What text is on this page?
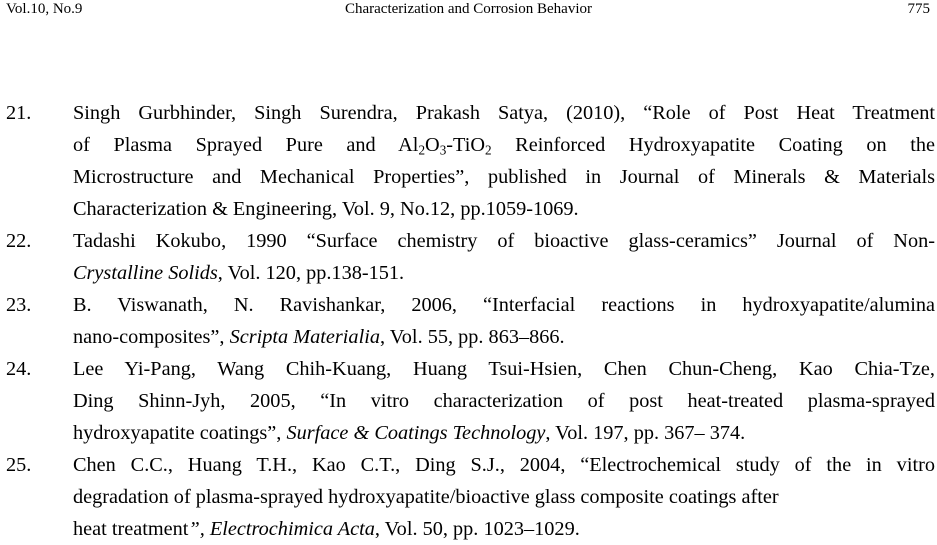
Vol.10, No.9	Characterization and Corrosion Behavior	775
21. Singh Gurbhinder, Singh Surendra, Prakash Satya, (2010), “Role of Post Heat Treatment
of Plasma Sprayed Pure and $Al_2O_3-TiO_2$ Reinforced Hydroxyapatite Coating on the
Microstructure and Mechanical Properties”, published in Journal of Minerals & Materials
Characterization & Engineering, Vol. 9, No.12, pp.1059-1069.
22. Tadashi Kokubo, 1990 “Surface chemistry of bioactive glass-ceramics” Journal of Non-
Crystalline Solids, Vol. 120, pp.138-151.
23. B. Viswanath, N. Ravishankar, 2006, “Interfacial reactions in hydroxyapatite/alumina
nano-composites”, Scripta Materialia, Vol. 55, pp. 863–866.
24. Lee Yi-Pang, Wang Chih-Kuang, Huang Tsui-Hsien, Chen Chun-Cheng, Kao Chia-Tze,
Ding Shinn-Jyh, 2005, “In vitro characterization of post heat-treated plasma-sprayed
hydroxyapatite coatings”, Surface & Coatings Technology, Vol. 197, pp. 367– 374.
25. Chen C.C., Huang T.H., Kao C.T., Ding S.J., 2004, “Electrochemical study of the in vitro
degradation of plasma-sprayed hydroxyapatite/bioactive glass composite coatings after
heat treatment”, Electrochimica Acta, Vol. 50, pp. 1023–1029.
